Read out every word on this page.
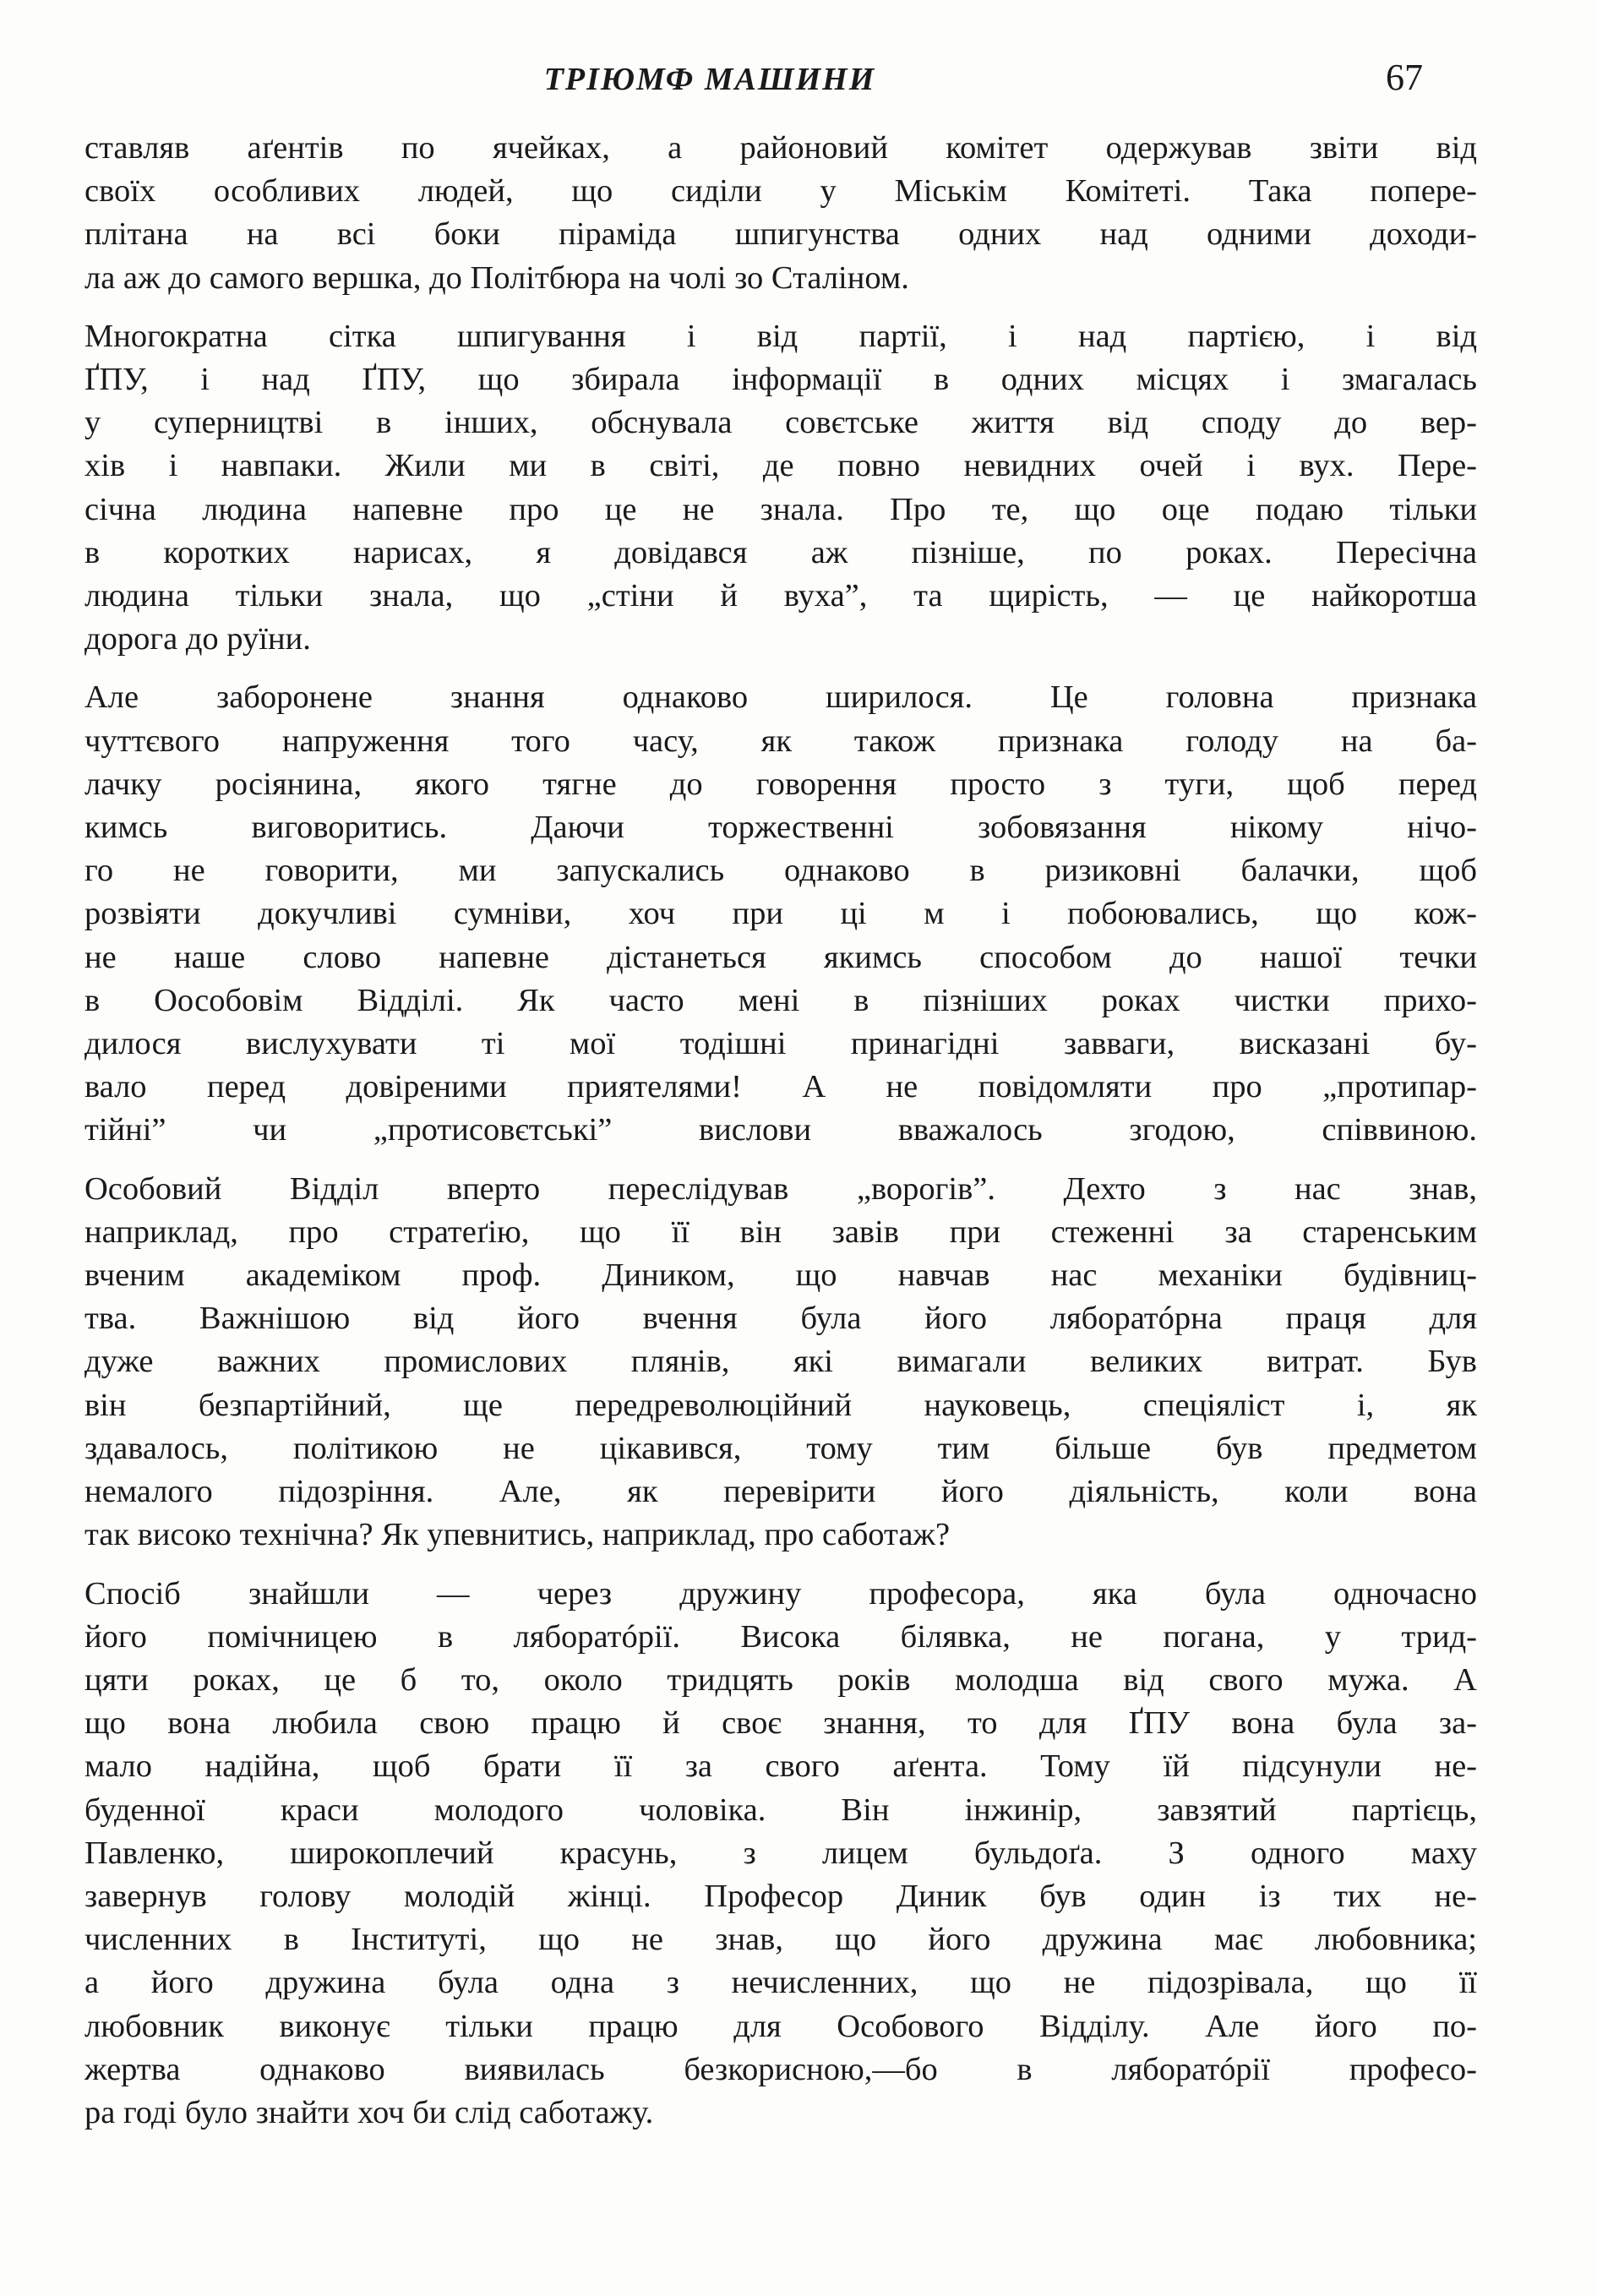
ТРІЮМФ МАШИНИ	67
ставляв аґентів по ячейках, а районовий комітет одержував звіти від
своїх особливих людей, що сиділи у Міськім Комітеті. Така попере-
плітана на всі боки піраміда шпигунства одних над одними доходи-
ла аж до самого вершка, до Політбюра на чолі зо Сталіном.
Многократна сітка шпигування і від партії, і над партією, і від
ҐПУ, і над ҐПУ, що збирала інформації в одних місцях і змагалась
у суперництві в інших, обснувала совєтське життя від споду до вер-
хів і навпаки. Жили ми в світі, де повно невидних очей і вух. Пере-
січна людина напевне про це не знала. Про те, що оце подаю тільки
в коротких нарисах, я довідався аж пізніше, по роках. Пересічна
людина тільки знала, що „стіни й вуха”, та щирість, — це найкоротша
дорога до руїни.
Але заборонене знання однаково ширилося. Це головна признака
чуттєвого напруження того часу, як також признака голоду на ба-
лачку росіянина, якого тягне до говорення просто з туги, щоб перед
кимсь виговоритись. Даючи торжественні зобовязання нікому нічо-
го не говорити, ми запускались однаково в ризиковні балачки, щоб
розвіяти докучливі сумніви, хоч при ці м і побоювались, що кож-
не наше слово напевне дістанеться якимсь способом до нашої течки
в Оособовім Відділі. Як часто мені в пізніших роках чистки прихо-
дилося вислухувати ті мої тодішні принагідні завваги, висказані бу-
вало перед довіреними приятелями! А не повідомляти про „протипар-
тійні” чи „протисовєтські” вислови вважалось згодою, співвиною.
Особовий Відділ вперто переслідував „ворогів”. Дехто з нас знав,
наприклад, про стратеґію, що її він завів при стеженні за старенським
вченим академіком проф. Диником, що навчав нас механіки будівниц-
тва. Важнішою від його вчення була його ляборатóрна праця для
дуже важних промислових плянів, які вимагали великих витрат. Був
він безпартійний, ще передреволюційний науковець, спеціяліст і, як
здавалось, політикою не цікавився, тому тим більше був предметом
немалого підозріння. Але, як перевірити його діяльність, коли вона
так високо технічна? Як упевнитись, наприклад, про саботаж?
Спосіб знайшли — через дружину професора, яка була одночасно
його помічницею в ляборатóрії. Висока білявка, не погана, у трид-
цяти роках, це б то, около тридцять років молодша від свого мужа. А
що вона любила свою працю й своє знання, то для ҐПУ вона була за-
мало надійна, щоб брати її за свого аґента. Тому їй підсунули не-
буденної краси молодого чоловіка. Він інжинір, завзятий партієць,
Павленко, широкоплечий красунь, з лицем бульдоґа. З одного маху
завернув голову молодій жінці. Професор Диник був один із тих не-
численних в Інституті, що не знав, що його дружина має любовника;
а його дружина була одна з нечисленних, що не підозрівала, що її
любовник виконує тільки працю для Особового Відділу. Але його по-
жертва однаково виявилась безкорисною,—бо в ляборатóрії професо-
ра годі було знайти хоч би слід саботажу.
